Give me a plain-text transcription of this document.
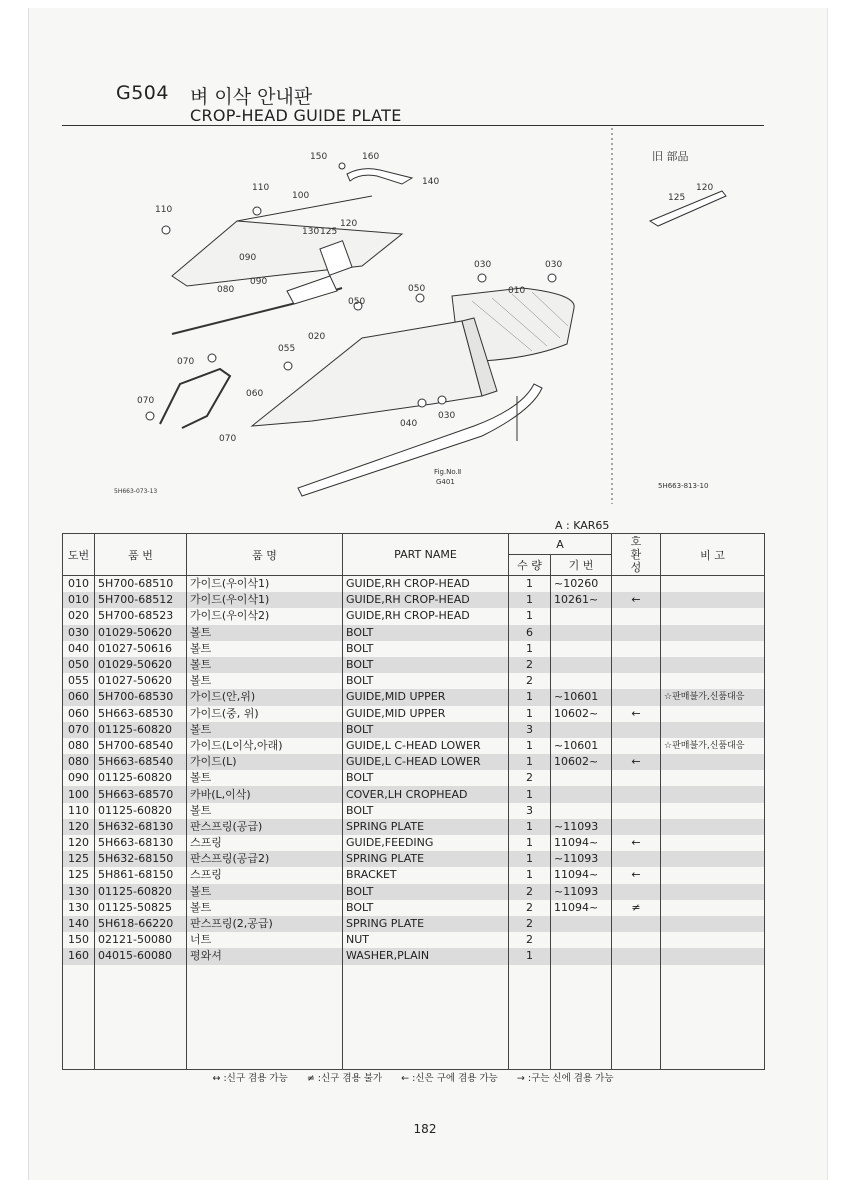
G504 벼 이삭 안내판
CROP-HEAD GUIDE PLATE
150	160
140
110
100
110
130 125
120
090
080
090
030	030
010
050
050
020
055
070
060
070
070
040
030
125
120
旧 部品
Fig.No.Ⅱ
G401
5H663-073-13
5H663-813-10
A : KAR65
도번	품 번	품 명	PART NAME	A		호 환 성	비 고
				수 량	기 번		
010	5H700-68510	가이드(우이삭1)	GUIDE,RH CROP-HEAD	1	~10260		
010	5H700-68512	가이드(우이삭1)	GUIDE,RH CROP-HEAD	1	10261~	←	
020	5H700-68523	가이드(우이삭2)	GUIDE,RH CROP-HEAD	1			
030	01029-50620	볼트	BOLT	6			
040	01027-50616	볼트	BOLT	1			
050	01029-50620	볼트	BOLT	2			
055	01027-50620	볼트	BOLT	2			
060	5H700-68530	가이드(안,위)	GUIDE,MID UPPER	1	~10601		☆판매불가,신품대응
060	5H663-68530	가이드(중, 위)	GUIDE,MID UPPER	1	10602~	←	
070	01125-60820	볼트	BOLT	3			
080	5H700-68540	가이드(L이삭,아래)	GUIDE,L C-HEAD LOWER	1	~10601		☆판매불가,신품대응
080	5H663-68540	가이드(L)	GUIDE,L C-HEAD LOWER	1	10602~	←	
090	01125-60820	볼트	BOLT	2			
100	5H663-68570	카바(L,이삭)	COVER,LH CROPHEAD	1			
110	01125-60820	볼트	BOLT	3			
120	5H632-68130	판스프링(공급)	SPRING PLATE	1	~11093		
120	5H663-68130	스프링	GUIDE,FEEDING	1	11094~	←	
125	5H632-68150	판스프링(공급2)	SPRING PLATE	1	~11093		
125	5H861-68150	스프링	BRACKET	1	11094~	←	
130	01125-60820	볼트	BOLT	2	~11093		
130	01125-50825	볼트	BOLT	2	11094~	≠	
140	5H618-66220	판스프링(2,공급)	SPRING PLATE	2			
150	02121-50080	너트	NUT	2			
160	04015-60080	평와셔	WASHER,PLAIN	1			

↔ :신구 겸용 가능 ≠ :신구 겸용 불가 ← :신은 구에 겸용 가능 → :구는 신에 겸용 가능
182
